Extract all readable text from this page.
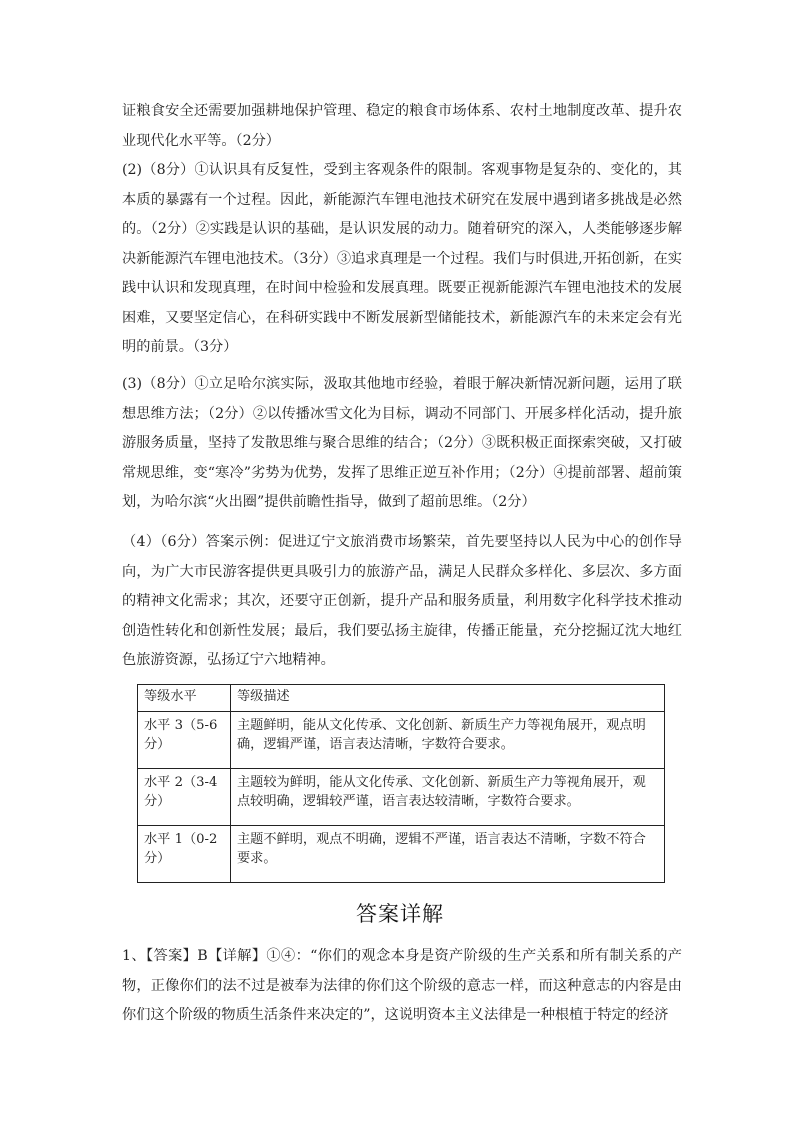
证粮食安全还需要加强耕地保护管理、稳定的粮食市场体系、农村土地制度改革、提升农业现代化水平等。（2分）

(2)（8分）①认识具有反复性，受到主客观条件的限制。客观事物是复杂的、变化的，其本质的暴露有一个过程。因此，新能源汽车锂电池技术研究在发展中遇到诸多挑战是必然的。（2分）②实践是认识的基础，是认识发展的动力。随着研究的深入，人类能够逐步解决新能源汽车锂电池技术。（3分）③追求真理是一个过程。我们与时俱进,开拓创新，在实践中认识和发现真理，在时间中检验和发展真理。既要正视新能源汽车锂电池技术的发展困难，又要坚定信心，在科研实践中不断发展新型储能技术，新能源汽车的未来定会有光明的前景。（3分）

(3)（8分）①立足哈尔滨实际，汲取其他地市经验，着眼于解决新情况新问题，运用了联想思维方法；（2分）②以传播冰雪文化为目标，调动不同部门、开展多样化活动，提升旅游服务质量，坚持了发散思维与聚合思维的结合；（2分）③既积极正面探索突破，又打破常规思维，变“寒冷”劣势为优势，发挥了思维正逆互补作用；（2分）④提前部署、超前策划，为哈尔滨“火出圈”提供前瞻性指导，做到了超前思维。（2分）

（4）（6分）答案示例：促进辽宁文旅消费市场繁荣，首先要坚持以人民为中心的创作导向，为广大市民游客提供更具吸引力的旅游产品，满足人民群众多样化、多层次、多方面的精神文化需求；其次，还要守正创新，提升产品和服务质量，利用数字化科学技术推动创造性转化和创新性发展；最后，我们要弘扬主旋律，传播正能量，充分挖掘辽沈大地红色旅游资源，弘扬辽宁六地精神。

等级水平	等级描述
水平 3（5-6 分）	主题鲜明，能从文化传承、文化创新、新质生产力等视角展开，观点明确，逻辑严谨，语言表达清晰，字数符合要求。
水平 2（3-4 分）	主题较为鲜明，能从文化传承、文化创新、新质生产力等视角展开，观点较明确，逻辑较严谨，语言表达较清晰，字数符合要求。
水平 1（0-2 分）	主题不鲜明，观点不明确，逻辑不严谨，语言表达不清晰，字数不符合要求。
答案详解

1、【答案】B【详解】①④：“你们的观念本身是资产阶级的生产关系和所有制关系的产物，正像你们的法不过是被奉为法律的你们这个阶级的意志一样，而这种意志的内容是由你们这个阶级的物质生活条件来决定的”，这说明资本主义法律是一种根植于特定的经济
